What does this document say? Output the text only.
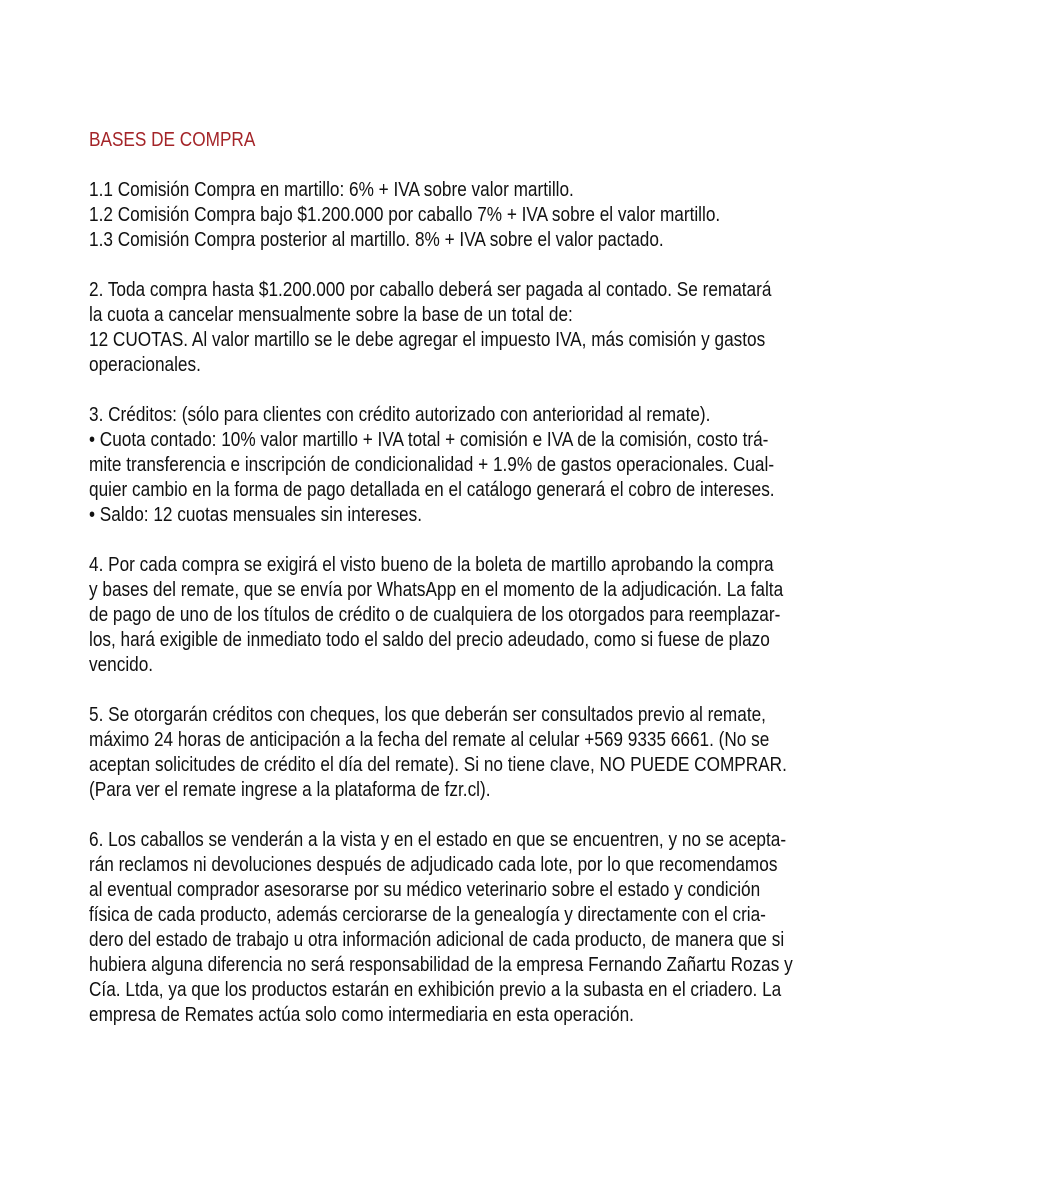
BASES DE COMPRA
1.1 Comisión Compra en martillo: 6% + IVA sobre valor martillo.
1.2 Comisión Compra bajo $1.200.000 por caballo 7% + IVA sobre el valor martillo.
1.3 Comisión Compra posterior al martillo. 8% + IVA sobre el valor pactado.
2. Toda compra hasta $1.200.000 por caballo deberá ser pagada al contado. Se rematará
la cuota a cancelar mensualmente sobre la base de un total de:
12 CUOTAS. Al valor martillo se le debe agregar el impuesto IVA, más comisión y gastos
operacionales.
3. Créditos: (sólo para clientes con crédito autorizado con anterioridad al remate).
• Cuota contado: 10% valor martillo + IVA total + comisión e IVA de la comisión, costo trá-
mite transferencia e inscripción de condicionalidad + 1.9% de gastos operacionales. Cual-
quier cambio en la forma de pago detallada en el catálogo generará el cobro de intereses.
• Saldo: 12 cuotas mensuales sin intereses.
4. Por cada compra se exigirá el visto bueno de la boleta de martillo aprobando la compra
y bases del remate, que se envía por WhatsApp en el momento de la adjudicación. La falta
de pago de uno de los títulos de crédito o de cualquiera de los otorgados para reemplazar-
los, hará exigible de inmediato todo el saldo del precio adeudado, como si fuese de plazo
vencido.
5. Se otorgarán créditos con cheques, los que deberán ser consultados previo al remate,
máximo 24 horas de anticipación a la fecha del remate al celular +569 9335 6661. (No se
aceptan solicitudes de crédito el día del remate). Si no tiene clave, NO PUEDE COMPRAR.
(Para ver el remate ingrese a la plataforma de fzr.cl).
6. Los caballos se venderán a la vista y en el estado en que se encuentren, y no se acepta-
rán reclamos ni devoluciones después de adjudicado cada lote, por lo que recomendamos
al eventual comprador asesorarse por su médico veterinario sobre el estado y condición
física de cada producto, además cerciorarse de la genealogía y directamente con el cria-
dero del estado de trabajo u otra información adicional de cada producto, de manera que si
hubiera alguna diferencia no será responsabilidad de la empresa Fernando Zañartu Rozas y
Cía. Ltda, ya que los productos estarán en exhibición previo a la subasta en el criadero. La
empresa de Remates actúa solo como intermediaria en esta operación.
